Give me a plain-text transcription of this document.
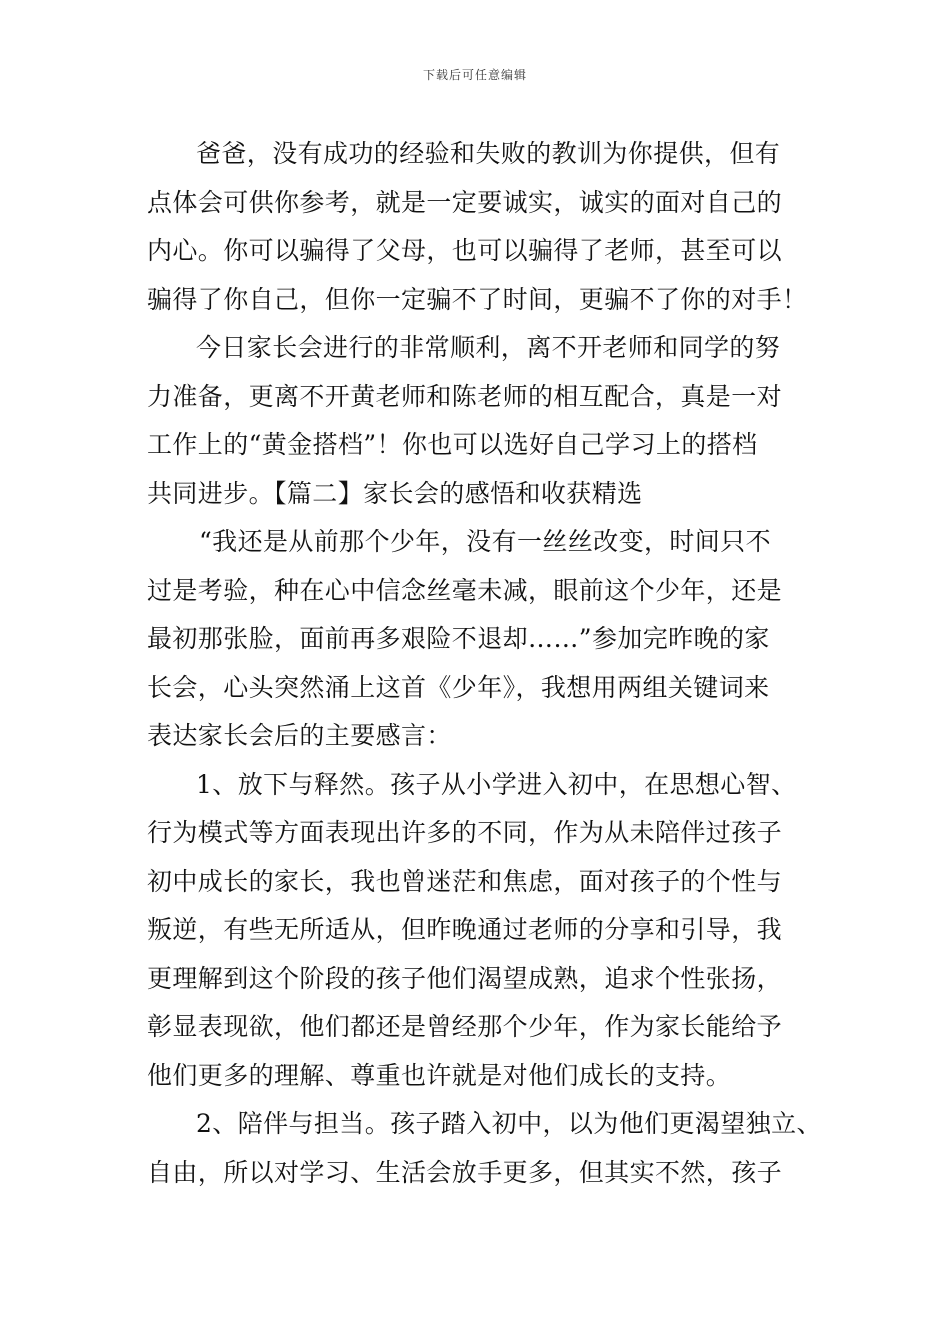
下载后可任意编辑
爸爸，没有成功的经验和失败的教训为你提供，但有
点体会可供你参考，就是一定要诚实，诚实的面对自己的
内心。你可以骗得了父母，也可以骗得了老师，甚至可以
骗得了你自己，但你一定骗不了时间，更骗不了你的对手！
今日家长会进行的非常顺利，离不开老师和同学的努
力准备，更离不开黄老师和陈老师的相互配合，真是一对
工作上的“黄金搭档”！你也可以选好自己学习上的搭档
共同进步。【篇二】家长会的感悟和收获精选
“我还是从前那个少年，没有一丝丝改变，时间只不
过是考验，种在心中信念丝毫未减，眼前这个少年，还是
最初那张脸，面前再多艰险不退却……”参加完昨晚的家
长会，心头突然涌上这首《少年》，我想用两组关键词来
表达家长会后的主要感言：
1、放下与释然。孩子从小学进入初中，在思想心智、
行为模式等方面表现出许多的不同，作为从未陪伴过孩子
初中成长的家长，我也曾迷茫和焦虑，面对孩子的个性与
叛逆，有些无所适从，但昨晚通过老师的分享和引导，我
更理解到这个阶段的孩子他们渴望成熟，追求个性张扬，
彰显表现欲，他们都还是曾经那个少年，作为家长能给予
他们更多的理解、尊重也许就是对他们成长的支持。
2、陪伴与担当。孩子踏入初中，以为他们更渴望独立、
自由，所以对学习、生活会放手更多，但其实不然，孩子
